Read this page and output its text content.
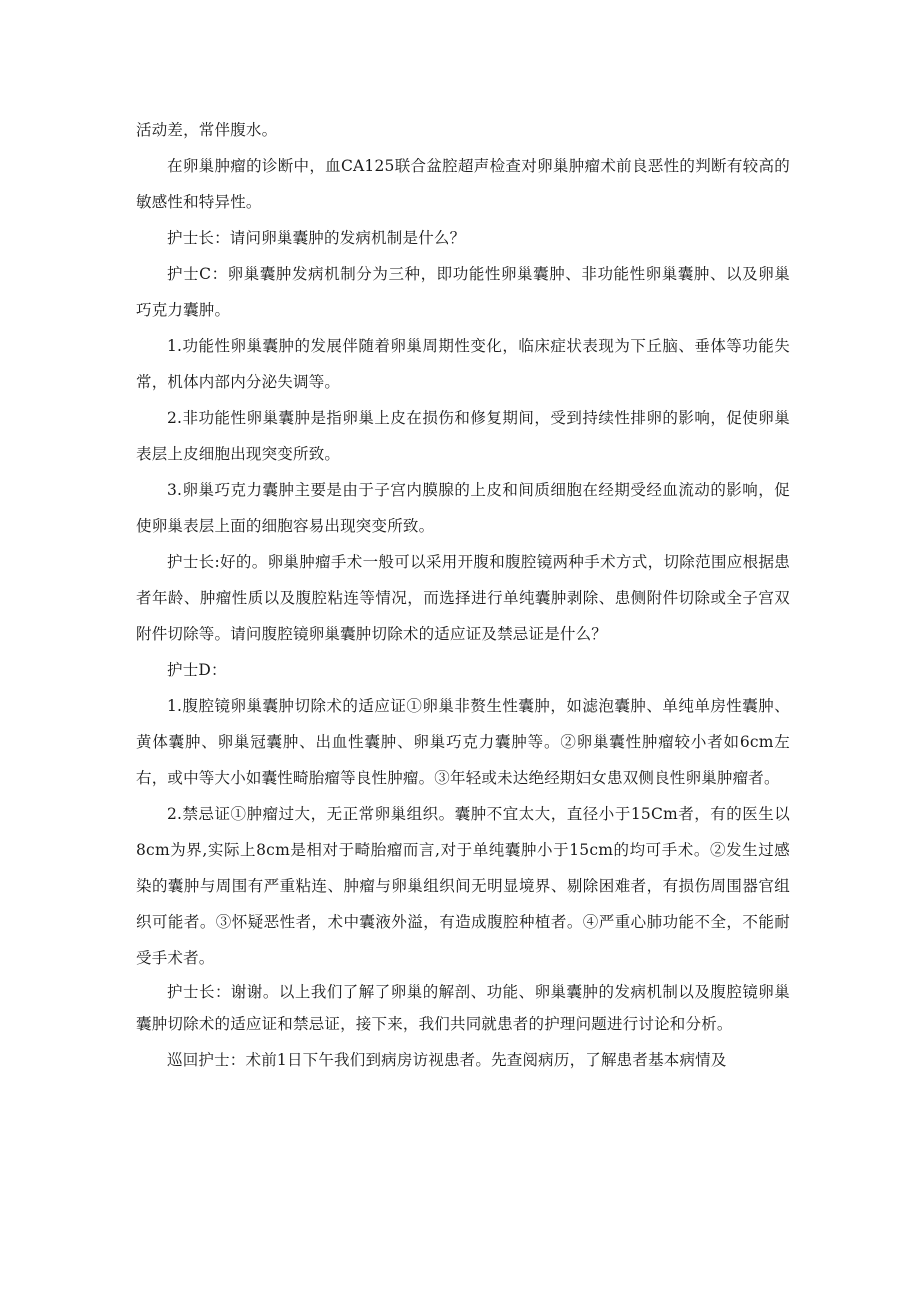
活动差，常伴腹水。

在卵巢肿瘤的诊断中，血CA125联合盆腔超声检查对卵巢肿瘤术前良恶性的判断有较高的敏感性和特异性。

护士长：请问卵巢囊肿的发病机制是什么？

护士C：卵巢囊肿发病机制分为三种，即功能性卵巢囊肿、非功能性卵巢囊肿、以及卵巢巧克力囊肿。

1.功能性卵巢囊肿的发展伴随着卵巢周期性变化，临床症状表现为下丘脑、垂体等功能失常，机体内部内分泌失调等。

2.非功能性卵巢囊肿是指卵巢上皮在损伤和修复期间，受到持续性排卵的影响，促使卵巢表层上皮细胞出现突变所致。

3.卵巢巧克力囊肿主要是由于子宫内膜腺的上皮和间质细胞在经期受经血流动的影响，促使卵巢表层上面的细胞容易出现突变所致。

护士长:好的。卵巢肿瘤手术一般可以采用开腹和腹腔镜两种手术方式，切除范围应根据患者年龄、肿瘤性质以及腹腔粘连等情况，而选择进行单纯囊肿剥除、患侧附件切除或全子宫双附件切除等。请问腹腔镜卵巢囊肿切除术的适应证及禁忌证是什么？

护士D：

1.腹腔镜卵巢囊肿切除术的适应证①卵巢非赘生性囊肿，如滤泡囊肿、单纯单房性囊肿、黄体囊肿、卵巢冠囊肿、出血性囊肿、卵巢巧克力囊肿等。②卵巢囊性肿瘤较小者如6cm左右，或中等大小如囊性畸胎瘤等良性肿瘤。③年轻或未达绝经期妇女患双侧良性卵巢肿瘤者。

2.禁忌证①肿瘤过大，无正常卵巢组织。囊肿不宜太大，直径小于15Cm者，有的医生以8cm为界,实际上8cm是相对于畸胎瘤而言,对于单纯囊肿小于15cm的均可手术。②发生过感染的囊肿与周围有严重粘连、肿瘤与卵巢组织间无明显境界、剔除困难者，有损伤周围器官组织可能者。③怀疑恶性者，术中囊液外溢，有造成腹腔种植者。④严重心肺功能不全，不能耐受手术者。

护士长：谢谢。以上我们了解了卵巢的解剖、功能、卵巢囊肿的发病机制以及腹腔镜卵巢囊肿切除术的适应证和禁忌证，接下来，我们共同就患者的护理问题进行讨论和分析。

巡回护士：术前1日下午我们到病房访视患者。先查阅病历，了解患者基本病情及
